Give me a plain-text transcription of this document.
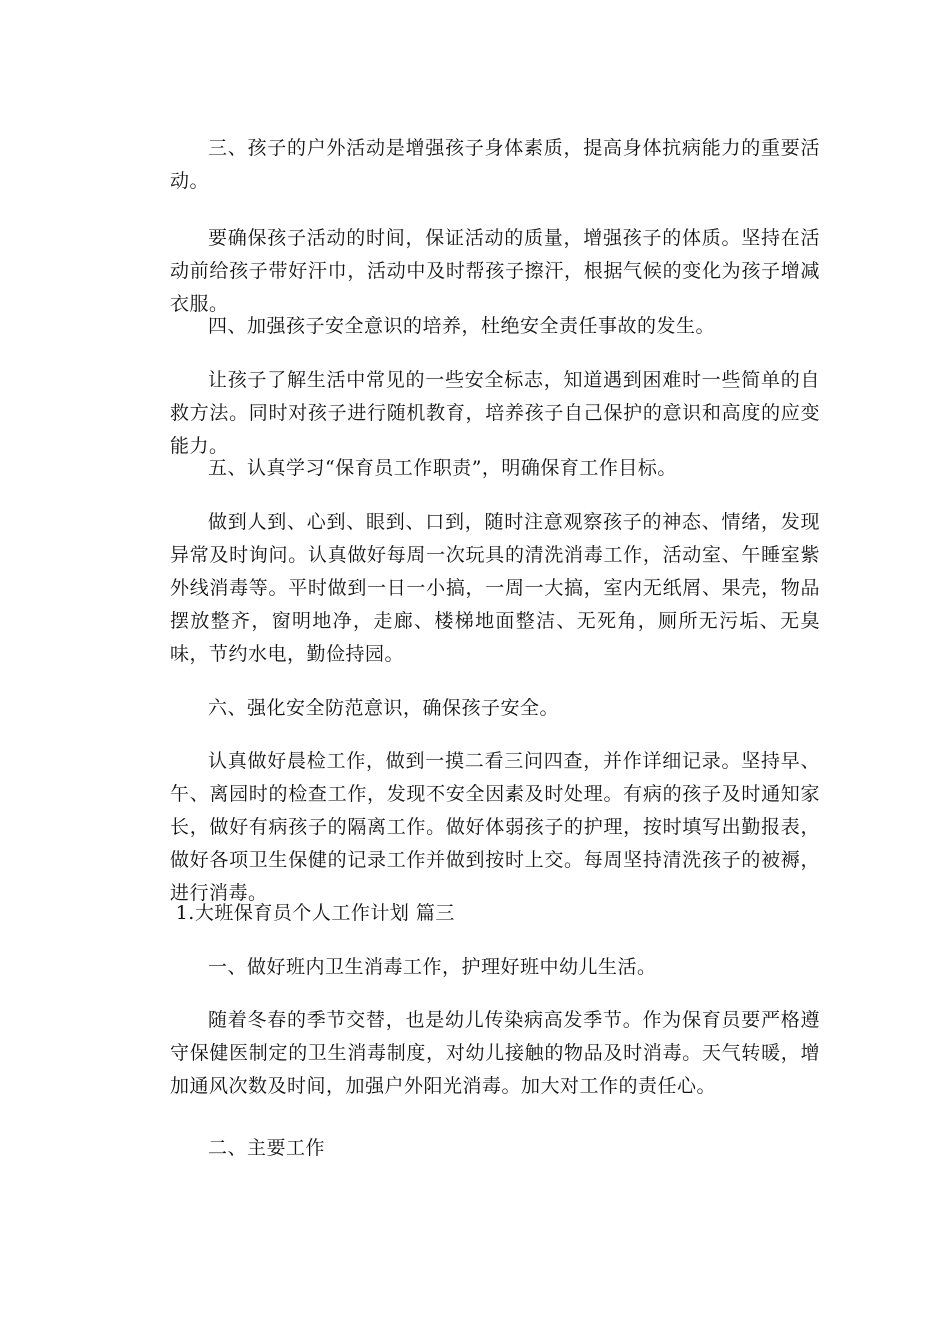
三、孩子的户外活动是增强孩子身体素质，提高身体抗病能力的重要活动。

要确保孩子活动的时间，保证活动的质量，增强孩子的体质。坚持在活动前给孩子带好汗巾，活动中及时帮孩子擦汗，根据气候的变化为孩子增减衣服。

四、加强孩子安全意识的培养，杜绝安全责任事故的发生。

让孩子了解生活中常见的一些安全标志，知道遇到困难时一些简单的自救方法。同时对孩子进行随机教育，培养孩子自己保护的意识和高度的应变能力。

五、认真学习“保育员工作职责”，明确保育工作目标。

做到人到、心到、眼到、口到，随时注意观察孩子的神态、情绪，发现异常及时询问。认真做好每周一次玩具的清洗消毒工作，活动室、午睡室紫外线消毒等。平时做到一日一小搞，一周一大搞，室内无纸屑、果壳，物品摆放整齐，窗明地净，走廊、楼梯地面整洁、无死角，厕所无污垢、无臭味，节约水电，勤俭持园。

六、强化安全防范意识，确保孩子安全。

认真做好晨检工作，做到一摸二看三问四查，并作详细记录。坚持早、午、离园时的检查工作，发现不安全因素及时处理。有病的孩子及时通知家长，做好有病孩子的隔离工作。做好体弱孩子的护理，按时填写出勤报表，做好各项卫生保健的记录工作并做到按时上交。每周坚持清洗孩子的被褥，进行消毒。

1.大班保育员个人工作计划 篇三

一、做好班内卫生消毒工作，护理好班中幼儿生活。

随着冬春的季节交替，也是幼儿传染病高发季节。作为保育员要严格遵守保健医制定的卫生消毒制度，对幼儿接触的物品及时消毒。天气转暖，增加通风次数及时间，加强户外阳光消毒。加大对工作的责任心。

二、主要工作
